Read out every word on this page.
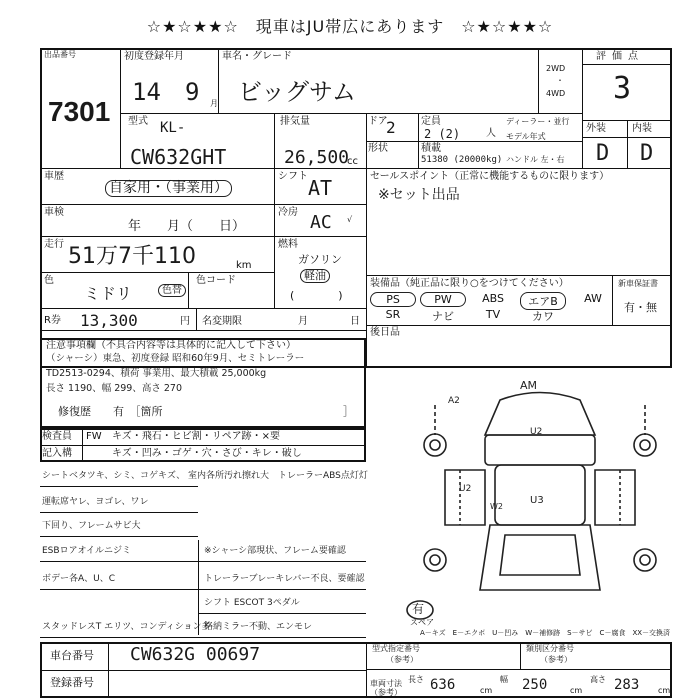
☆★☆★★☆　現車はJU帯広にあります　☆★☆★★☆
出品番号
7301
初度登録年月
14 9 月
車名・グレード
ビッグサム
2WD
・
4WD
評価点
3
型式 KL-
CW632GHT
排気量
26,500
cc
ドア
2	定員
2 (2)	人
ディーラー・並行
モデル年式
形状	積載
51380 (20000kg) ハンドル 左・右
外装	内装
D D
車歴
自家用・（事業用）
車検
年　　月（　　日）
走行 51万7千110	km
色
ミドリ	色替
色コード
シフト AT
冷房 AC √
燃料
ガソリン
軽油
(　　　　)
セールスポイント（正常に機能するものに限ります）
※セット出品
装備品（純正品に限り○をつけてください）	新車保証書
有・無
PS	PW	ABS	エアB	AW
SR	ナビ	TV	カワ
後日品
R券 13,300	円 名変期限	月	日
注意事項欄（不具合内容等は具体的に記入して下さい）
（シャーシ）東急、初度登録 昭和60年9月、セミトレーラー
TD2513-0294、積荷 事業用、最大積載 25,000kg
長さ 1190、幅 299、高さ 270
修復歴　　有　［箇所	］
検査員
記入構
FW キズ・飛石・ヒビ割・リペア跡・×要
キズ・凹み・ゴゲ・穴・さび・キレ・破し
シートベタツキ、シミ、コゲキズ、 室内各所汚れ擦れ大　トレーラーABS点灯灯
運転席ヤレ、ヨゴレ、ワレ
下回り、フレームサビ大
ESBロアオイルニジミ
ボデー各A、U、C
スタッドレスT エリツ、コンディション多
※シャーシ部現状、フレーム要確認
トレーラーブレーキレバー不良、要確認
シフト ESCOT 3ペダル
格納ミラー不動、エンモレ
AM
A2
U2
U2
U3
W2
有
スペア
車台番号 CW632G 00697
登録番号
A－キズ　E－エクボ　U－凹み　W－補修跡　S－サビ　C－腐食　XX－交換済
型式指定番号
（参考）
類別区分番号
（参考）
車両寸法（参考）
長さ 636	cm
幅 250	cm
高さ 283 cm
